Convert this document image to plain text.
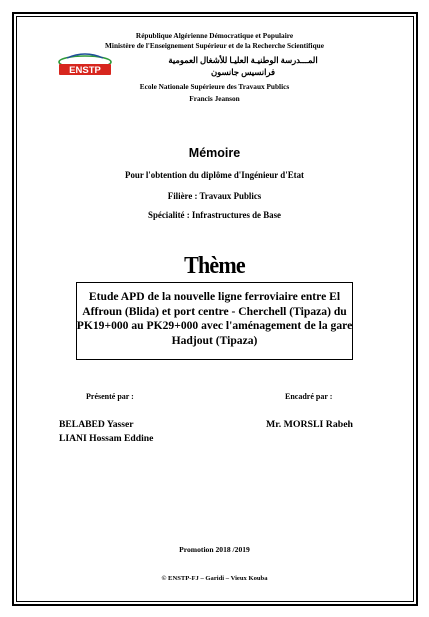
République Algérienne Démocratique et Populaire
Ministère de l'Enseignement Supérieur et de la Recherche Scientifique
ENSTP
المـــدرسة الوطنيـة العليـا للأشغال العمومية
فرانسيس جانسون
Ecole Nationale Supérieure des Travaux Publics
Francis Jeanson
Mémoire
Pour l'obtention du diplôme d'Ingénieur d'Etat
Filière : Travaux Publics
Spécialité : Infrastructures de Base
Thème
Etude APD de la nouvelle ligne ferroviaire entre El Affroun (Blida) et port centre - Cherchell (Tipaza) du PK19+000 au PK29+000 avec l'aménagement de la gare Hadjout (Tipaza)
Présenté par :	Encadré par :
BELABED Yasser
LIANI Hossam Eddine
Mr. MORSLI Rabeh
Promotion 2018 /2019
© ENSTP-FJ – Garidi – Vieux Kouba
